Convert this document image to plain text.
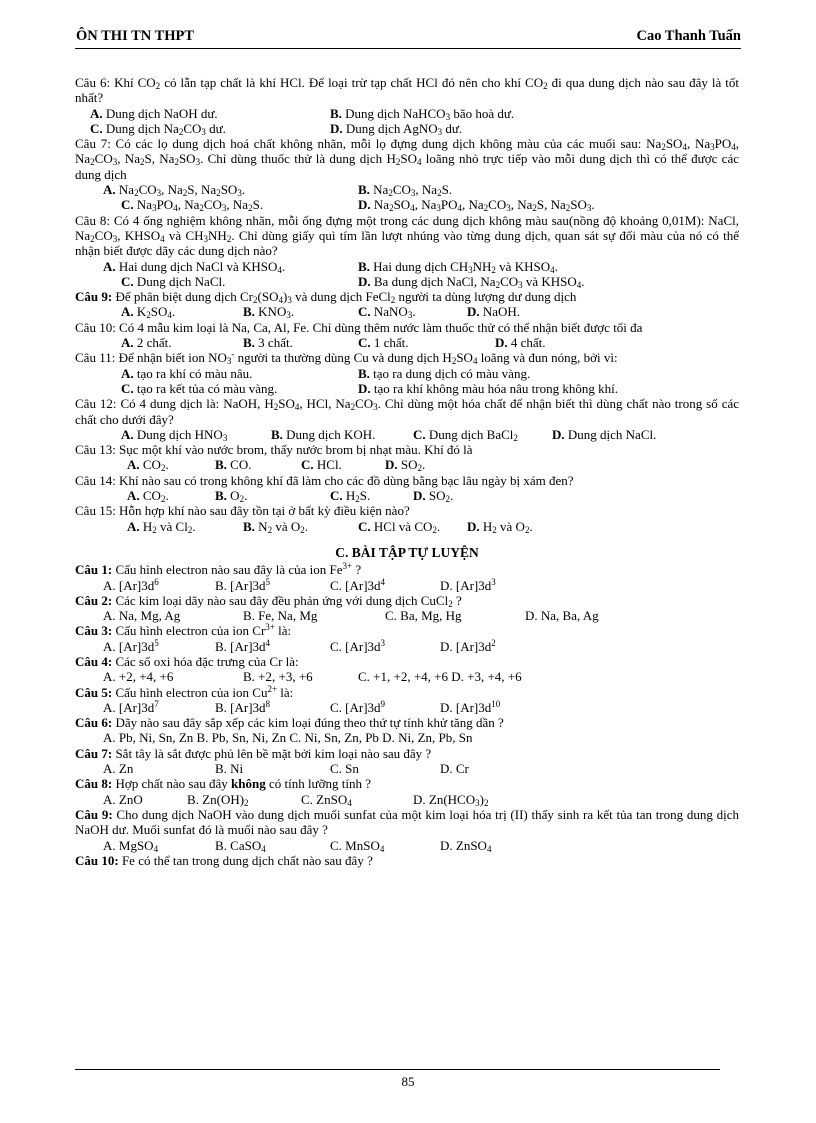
ÔN THI TN THPT	Cao Thanh Tuấn
Câu 6: Khí $CO_2$ có lẫn tạp chất là khí HCl. Để loại trừ tạp chất HCl đó nên cho khí $CO_2$ đi qua dung dịch nào sau đây là tốt nhất?
A. Dung dịch NaOH dư.	B. Dung dịch NaHCO$_3$ bão hoà dư.
C. Dung dịch $Na_2CO_3$ dư.	D. Dung dịch AgNO$_3$ dư.
Câu 7: Có các lọ dung dịch hoá chất không nhãn, mỗi lọ đựng dung dịch không màu của các muối sau: $Na_2SO_4$, $Na_3PO_4$, $Na_2CO_3$, $Na_2S$, $Na_2SO_3$. Chỉ dùng thuốc thử là dung dịch $H_2SO_4$ loãng nhỏ trực tiếp vào mỗi dung dịch thì có thể được các dung dịch
A. $Na_2CO_3$, $Na_2S$, $Na_2SO_3$.	B. $Na_2CO_3$, $Na_2S$.
C. $Na_3PO_4$, $Na_2CO_3$, $Na_2S$.	D. $Na_2SO_4$, $Na_3PO_4$, $Na_2CO_3$, $Na_2S$, $Na_2SO_3$.
Câu 8: Có 4 ống nghiệm không nhãn, mỗi ống đựng một trong các dung dịch không màu sau(nồng độ khoảng 0,01M): NaCl, $Na_2CO_3$, $KHSO_4$ và $CH_3NH_2$. Chỉ dùng giấy quì tím lần lượt nhúng vào từng dung dịch, quan sát sự đổi màu của nó có thể nhận biết được dãy các dung dịch nào?
A. Hai dung dịch NaCl và $KHSO_4$.	B. Hai dung dịch $CH_3NH_2$ và $KHSO_4$.
C. Dung dịch NaCl.	D. Ba dung dịch NaCl, $Na_2CO_3$ và $KHSO_4$.
Câu 9: Để phân biệt dung dịch $Cr_2(SO_4)_3$ và dung dịch FeCl$_2$ người ta dùng lượng dư dung dịch
A. $K_2SO_4$.	B. $KNO_3$.	C. NaNO$_3$.	D. NaOH.
Câu 10: Có 4 mẫu kim loại là Na, Ca, Al, Fe. Chỉ dùng thêm nước làm thuốc thử có thể nhận biết được tối đa
A. 2 chất.	B. 3 chất.	C. 1 chất.	D. 4 chất.
Câu 11: Để nhận biết ion $NO_3^-$ người ta thường dùng Cu và dung dịch $H_2SO_4$ loãng và đun nóng, bởi vì:
A. tạo ra khí có màu nâu.	B. tạo ra dung dịch có màu vàng.
C. tạo ra kết tủa có màu vàng.	D. tạo ra khí không màu hóa nâu trong không khí.
Câu 12: Có 4 dung dịch là: NaOH, $H_2SO_4$, HCl, $Na_2CO_3$. Chỉ dùng một hóa chất để nhận biết thì dùng chất nào trong số các chất cho dưới đây?
A. Dung dịch $HNO_3$	B. Dung dịch KOH.	C. Dung dịch BaCl$_2$	D. Dung dịch NaCl.
Câu 13: Sục một khí vào nước brom, thấy nước brom bị nhạt màu. Khí đó là
A. $CO_2$.	B. CO.	C. HCl.	D. $SO_2$.
Câu 14: Khí nào sau có trong không khí đã làm cho các đồ dùng bằng bạc lâu ngày bị xám đen?
A. $CO_2$.	B. $O_2$.	C. $H_2S$.	D. $SO_2$.
Câu 15: Hỗn hợp khí nào sau đây tồn tại ở bất kỳ điều kiện nào?
A. $H_2$ và $Cl_2$.	B. $N_2$ và $O_2$.	C. HCl và $CO_2$. D. $H_2$ và $O_2$.
C. BÀI TẬP TỰ LUYỆN
Câu 1: Cấu hình electron nào sau đây là của ion $Fe^{3+}$ ?
A. $[Ar]3d^6$	B. $[Ar]3d^5$	C. $[Ar]3d^4$	D. $[Ar]3d^3$
Câu 2: Các kim loại dãy nào sau đây đều phản ứng với dung dịch CuCl$_2$ ?
A. Na, Mg, Ag	B. Fe, Na, Mg	C. Ba, Mg, Hg	D. Na, Ba, Ag
Câu 3: Cấu hình electron của ion $Cr^{3+}$ là:
A. $[Ar]3d^5$	B. $[Ar]3d^4$	C. $[Ar]3d^3$	D. $[Ar]3d^2$
Câu 4: Các số oxi hóa đặc trưng của Cr là:
A. +2, +4, +6	B. +2, +3, +6	C. +1, +2, +4, +6 D. +3, +4, +6
Câu 5: Cấu hình electron của ion $Cu^{2+}$ là:
A. $[Ar]3d^7$	B. $[Ar]3d^8$	C. $[Ar]3d^9$	D. $[Ar]3d^{10}$
Câu 6: Dãy nào sau đây sắp xếp các kim loại đúng theo thứ tự tính khử tăng dần ?
A. Pb, Ni, Sn, Zn B. Pb, Sn, Ni, Zn C. Ni, Sn, Zn, Pb D. Ni, Zn, Pb, Sn
Câu 7: Sắt tây là sắt được phủ lên bề mặt bởi kim loại nào sau đây ?
A. Zn	B. Ni	C. Sn	D. Cr
Câu 8: Hợp chất nào sau đây không có tính lưỡng tính ?
A. ZnO	B. $Zn(OH)_2$	C. ZnSO$_4$	D. $Zn(HCO_3)_2$
Câu 9: Cho dung dịch NaOH vào dung dịch muối sunfat của một kim loại hóa trị (II) thấy sinh ra kết tủa tan trong dung dịch NaOH dư. Muối sunfat đó là muối nào sau đây ?
A. MgSO$_4$	B. CaSO$_4$	C. MnSO$_4$	D. ZnSO$_4$
Câu 10: Fe có thể tan trong dung dịch chất nào sau đây ?
85
